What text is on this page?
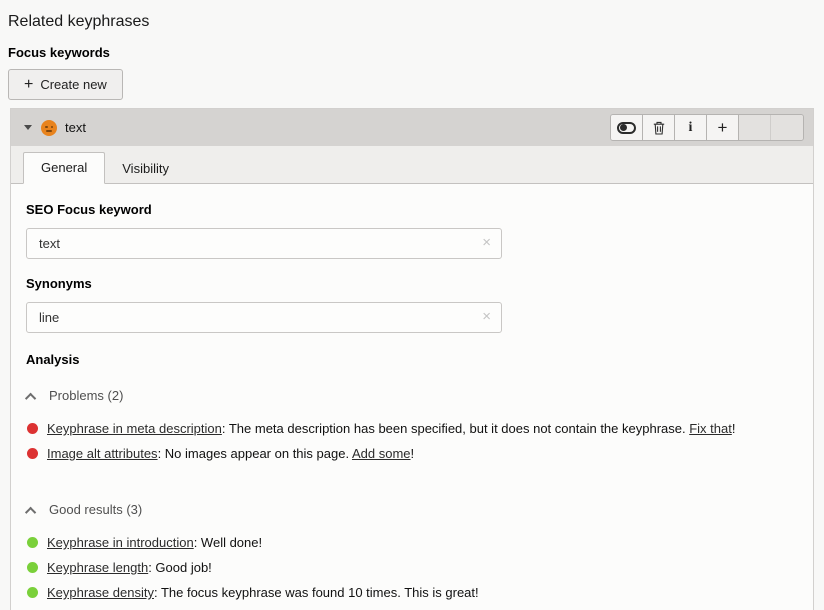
Related keyphrases
Focus keywords
+ Create new
text	i +
General	Visibility
SEO Focus keyword
text
×
Synonyms
line
×
Analysis
Problems (2)
Keyphrase in meta description: The meta description has been specified, but it does not contain the keyphrase. Fix that!
Image alt attributes: No images appear on this page. Add some!
Good results (3)
Keyphrase in introduction: Well done!
Keyphrase length: Good job!
Keyphrase density: The focus keyphrase was found 10 times. This is great!
